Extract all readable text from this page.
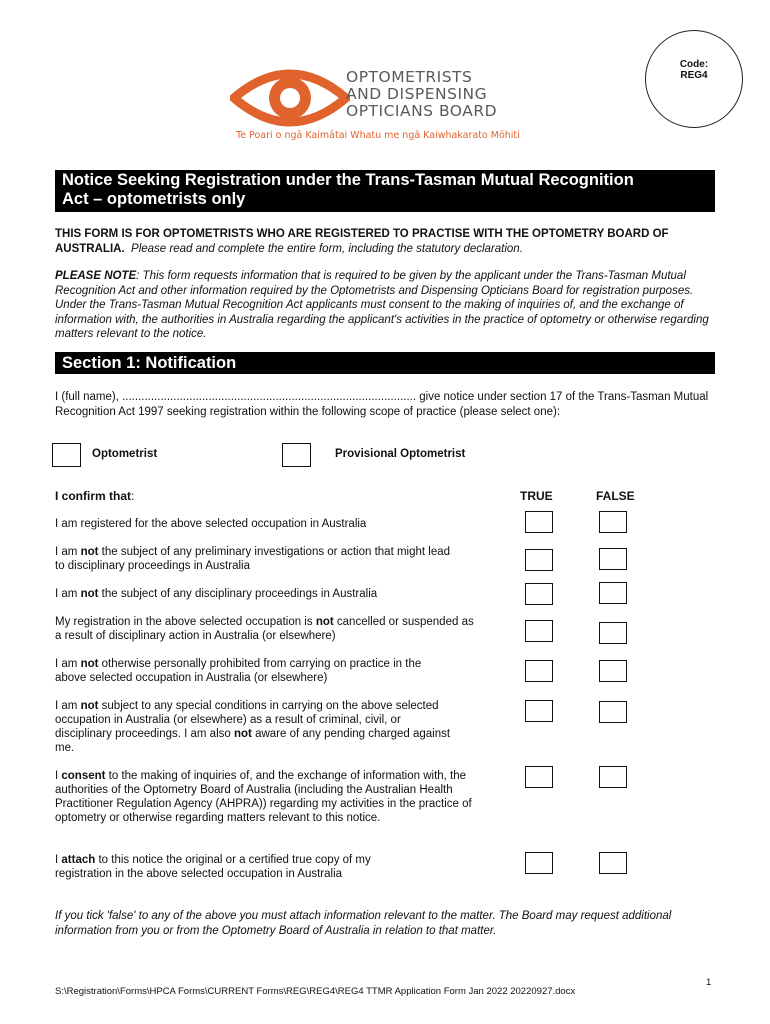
OPTOMETRISTS
AND DISPENSING
OPTICIANS BOARD
Te Poari o ngā Kaimātai Whatu me ngā Kaiwhakarato Mōhiti
Code:
REG4
Notice Seeking Registration under the Trans-Tasman Mutual Recognition
Act – optometrists only
THIS FORM IS FOR OPTOMETRISTS WHO ARE REGISTERED TO PRACTISE WITH THE OPTOMETRY BOARD OF AUSTRALIA. Please read and complete the entire form, including the statutory declaration.
PLEASE NOTE: This form requests information that is required to be given by the applicant under the Trans-Tasman Mutual Recognition Act and other information required by the Optometrists and Dispensing Opticians Board for registration purposes. Under the Trans-Tasman Mutual Recognition Act applicants must consent to the making of inquiries of, and the exchange of information with, the authorities in Australia regarding the applicant's activities in the practice of optometry or otherwise regarding matters relevant to the notice.
Section 1: Notification
I (full name), ............................................................................................ give notice under section 17 of the Trans-Tasman Mutual Recognition Act 1997 seeking registration within the following scope of practice (please select one):
Optometrist	Provisional Optometrist
I confirm that:	TRUE	FALSE
I am registered for the above selected occupation in Australia
I am not the subject of any preliminary investigations or action that might lead to disciplinary proceedings in Australia
I am not the subject of any disciplinary proceedings in Australia
My registration in the above selected occupation is not cancelled or suspended as a result of disciplinary action in Australia (or elsewhere)
I am not otherwise personally prohibited from carrying on practice in the above selected occupation in Australia (or elsewhere)
I am not subject to any special conditions in carrying on the above selected occupation in Australia (or elsewhere) as a result of criminal, civil, or disciplinary proceedings. I am also not aware of any pending charged against me.
I consent to the making of inquiries of, and the exchange of information with, the authorities of the Optometry Board of Australia (including the Australian Health Practitioner Regulation Agency (AHPRA)) regarding my activities in the practice of optometry or otherwise regarding matters relevant to this notice.
I attach to this notice the original or a certified true copy of my registration in the above selected occupation in Australia
If you tick 'false' to any of the above you must attach information relevant to the matter. The Board may request additional information from you or from the Optometry Board of Australia in relation to that matter.
1
S:\Registration\Forms\HPCA Forms\CURRENT Forms\REG\REG4\REG4 TTMR Application Form Jan 2022 20220927.docx
